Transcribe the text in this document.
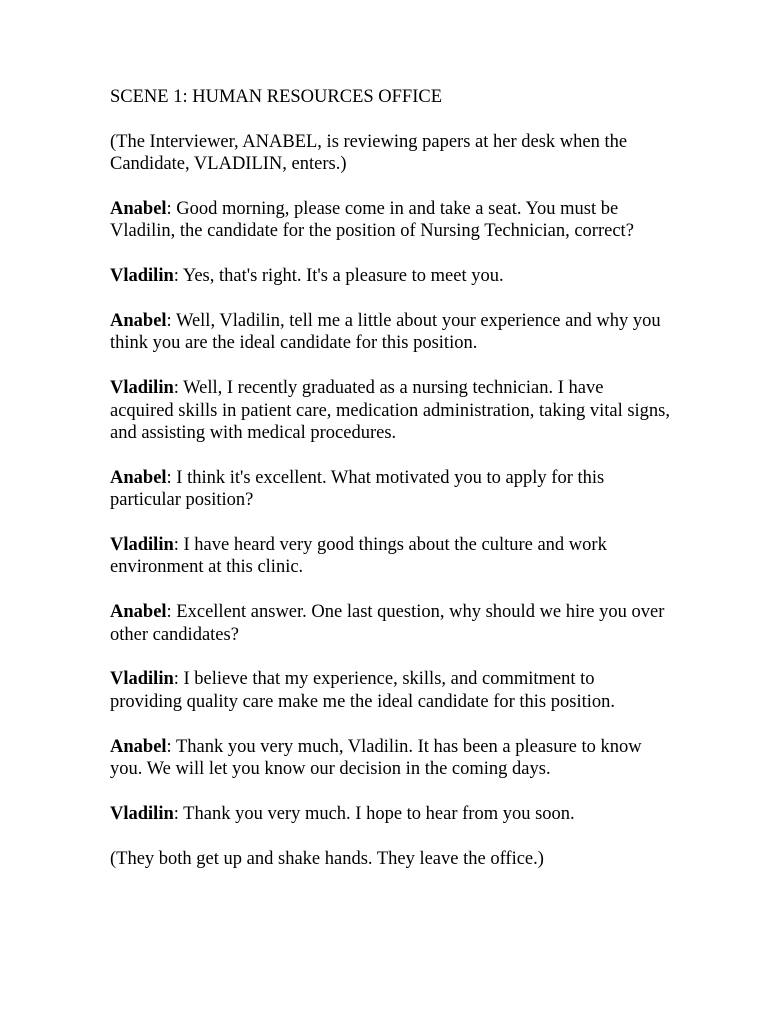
SCENE 1: HUMAN RESOURCES OFFICE

(The Interviewer, ANABEL, is reviewing papers at her desk when the Candidate, VLADILIN, enters.)

Anabel: Good morning, please come in and take a seat. You must be Vladilin, the candidate for the position of Nursing Technician, correct?

Vladilin: Yes, that's right. It's a pleasure to meet you.

Anabel: Well, Vladilin, tell me a little about your experience and why you think you are the ideal candidate for this position.

Vladilin: Well, I recently graduated as a nursing technician. I have acquired skills in patient care, medication administration, taking vital signs, and assisting with medical procedures.

Anabel: I think it's excellent. What motivated you to apply for this particular position?

Vladilin: I have heard very good things about the culture and work environment at this clinic.

Anabel: Excellent answer. One last question, why should we hire you over other candidates?

Vladilin: I believe that my experience, skills, and commitment to providing quality care make me the ideal candidate for this position.

Anabel: Thank you very much, Vladilin. It has been a pleasure to know you. We will let you know our decision in the coming days.

Vladilin: Thank you very much. I hope to hear from you soon.

(They both get up and shake hands. They leave the office.)
